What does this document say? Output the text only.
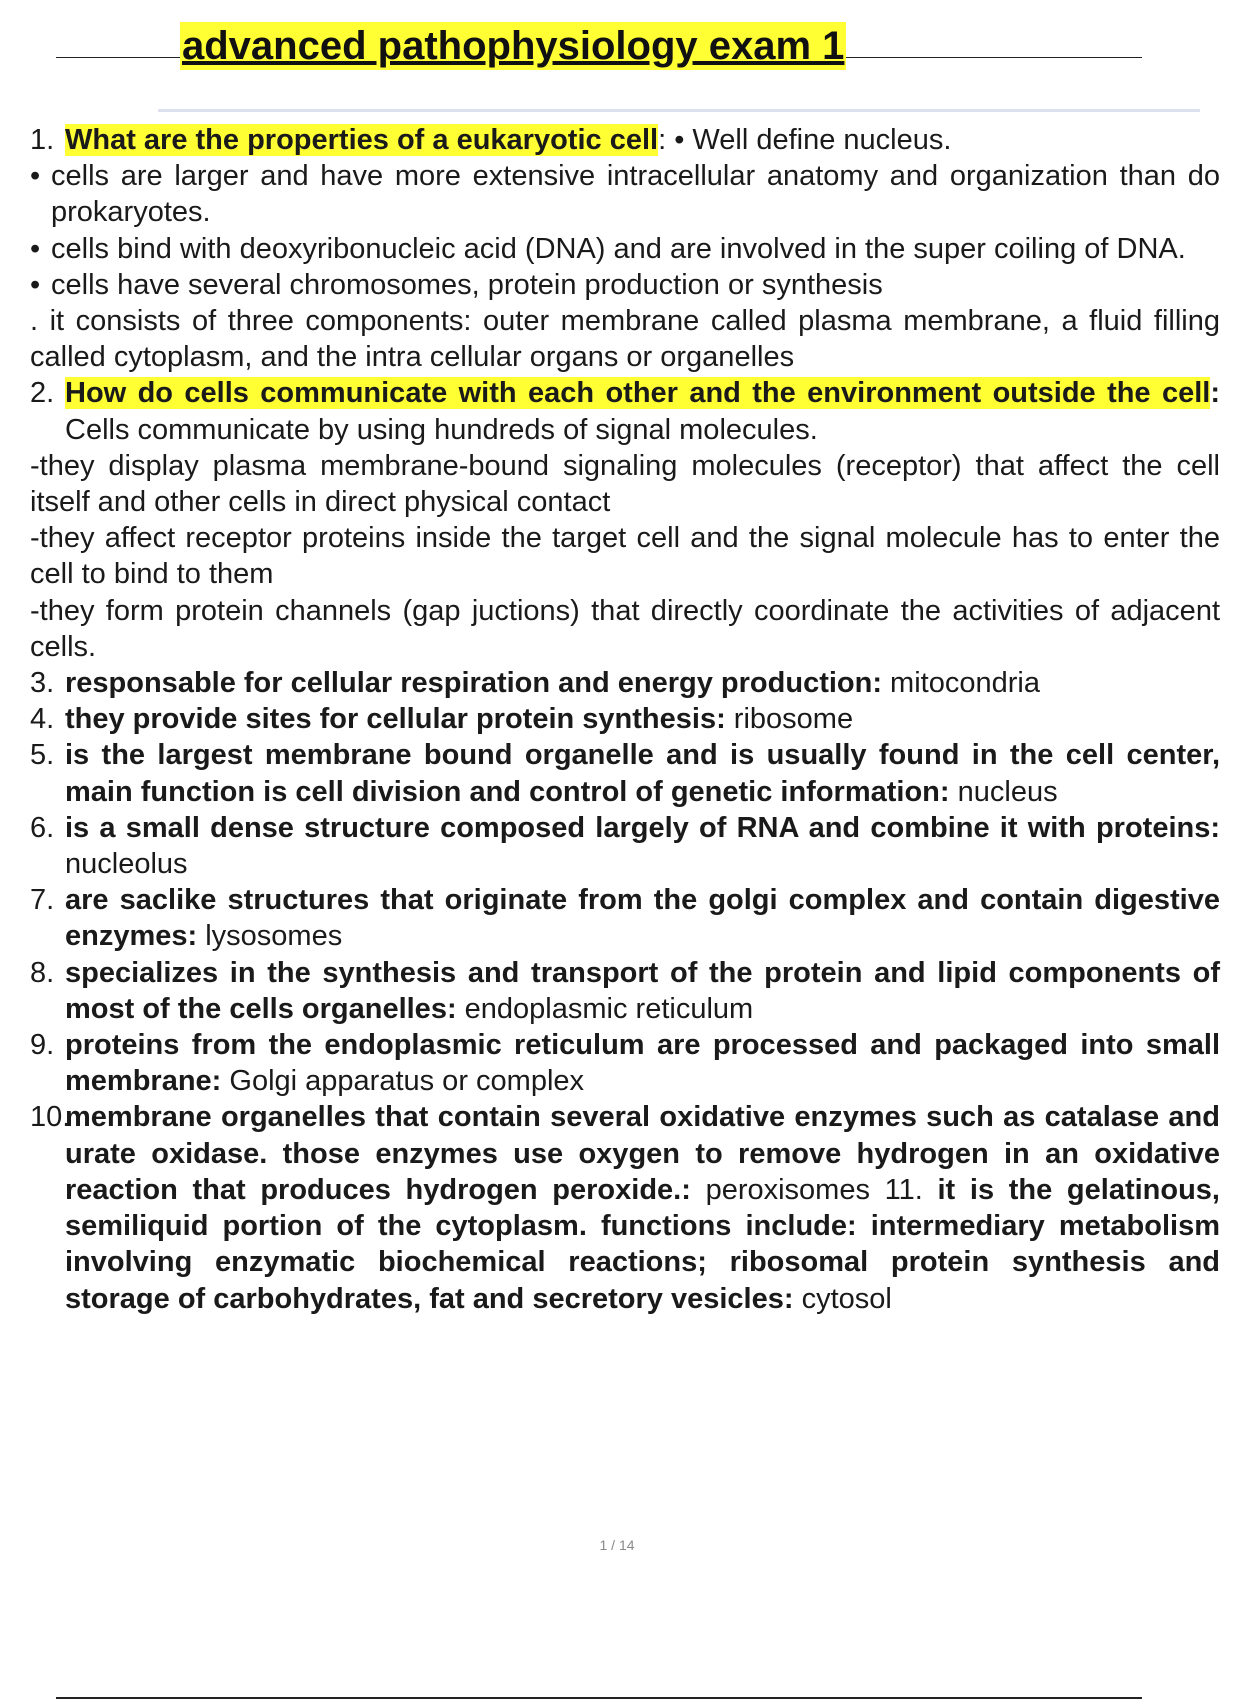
advanced pathophysiology exam 1

1. What are the properties of a eukaryotic cell: • Well define nucleus.

• cells are larger and have more extensive intracellular anatomy and organization than do prokaryotes.

• cells bind with deoxyribonucleic acid (DNA) and are involved in the super coiling of DNA.

• cells have several chromosomes, protein production or synthesis

. it consists of three components: outer membrane called plasma membrane, a fluid filling called cytoplasm, and the intra cellular organs or organelles

2. How do cells communicate with each other and the environment outside the cell: Cells communicate by using hundreds of signal molecules.

-they display plasma membrane-bound signaling molecules (receptor) that affect the cell itself and other cells in direct physical contact

-they affect receptor proteins inside the target cell and the signal molecule has to enter the cell to bind to them

-they form protein channels (gap juctions) that directly coordinate the activities of adjacent cells.

3. responsable for cellular respiration and energy production: mitocondria

4. they provide sites for cellular protein synthesis: ribosome

5. is the largest membrane bound organelle and is usually found in the cell center, main function is cell division and control of genetic information: nucleus

6. is a small dense structure composed largely of RNA and combine it with proteins: nucleolus

7. are saclike structures that originate from the golgi complex and contain digestive enzymes: lysosomes

8. specializes in the synthesis and transport of the protein and lipid components of most of the cells organelles: endoplasmic reticulum

9. proteins from the endoplasmic reticulum are processed and packaged into small membrane: Golgi apparatus or complex

10.
membrane organelles that contain several oxidative enzymes such as catalase and urate oxidase. those enzymes use oxygen to remove hydrogen in an oxidative reaction that produces hydrogen peroxide.: peroxisomes 11. it is the gelatinous, semiliquid portion of the cytoplasm. functions include: intermediary metabolism involving enzymatic biochemical reactions; ribosomal protein synthesis and storage of carbohydrates, fat and secretory vesicles: cytosol

1 / 14
